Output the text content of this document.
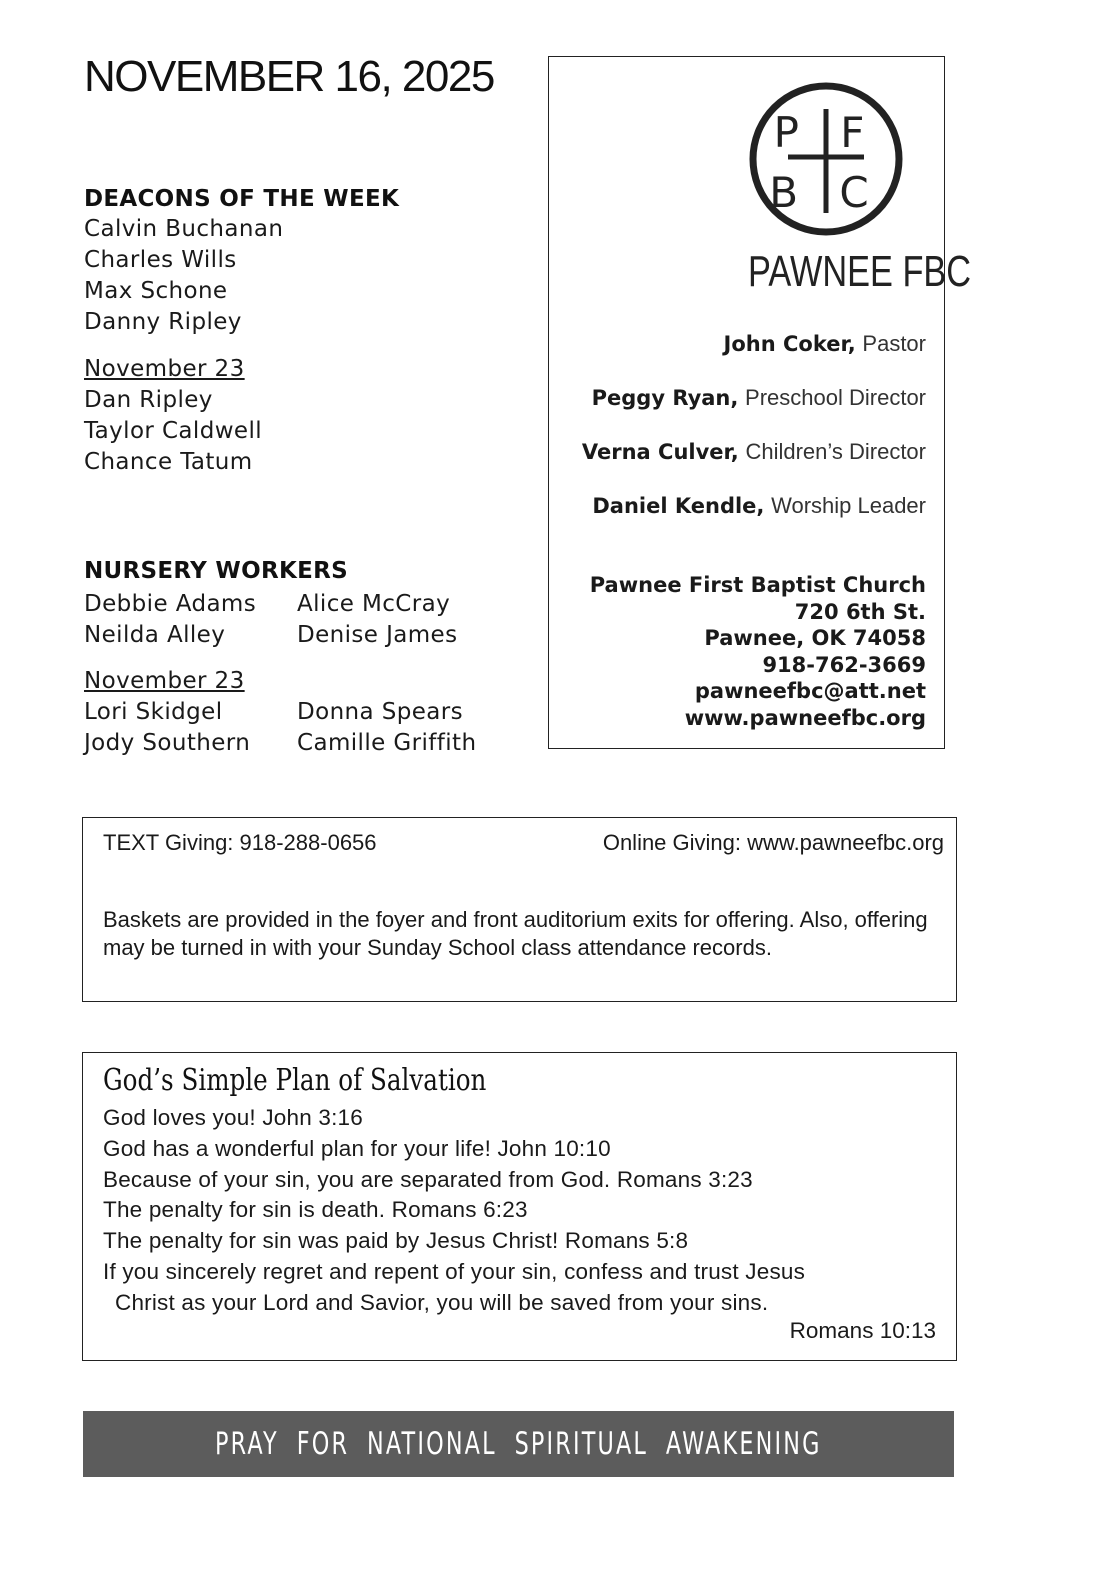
NOVEMBER 16, 2025
DEACONS OF THE WEEK
Calvin Buchanan
Charles Wills
Max Schone
Danny Ripley
November 23
Dan Ripley
Taylor Caldwell
Chance Tatum
NURSERY WORKERS
Debbie Adams
Neilda Alley
Alice McCray
Denise James
November 23
Lori Skidgel
Jody Southern
Donna Spears
Camille Griffith
P F
B C
PAWNEE FBC
John Coker, Pastor
Peggy Ryan, Preschool Director
Verna Culver, Children’s Director
Daniel Kendle, Worship Leader
Pawnee First Baptist Church
720 6th St.
Pawnee, OK 74058
918-762-3669
pawneefbc@att.net
www.pawneefbc.org
TEXT Giving: 918-288-0656	Online Giving: www.pawneefbc.org
Baskets are provided in the foyer and front auditorium exits for offering. Also, offering may be turned in with your Sunday School class attendance records.
God’s Simple Plan of Salvation
God loves you! John 3:16
God has a wonderful plan for your life! John 10:10
Because of your sin, you are separated from God. Romans 3:23
The penalty for sin is death. Romans 6:23
The penalty for sin was paid by Jesus Christ! Romans 5:8
If you sincerely regret and repent of your sin, confess and trust Jesus
Christ as your Lord and Savior, you will be saved from your sins.
Romans 10:13
PRAY FOR NATIONAL SPIRITUAL AWAKENING
